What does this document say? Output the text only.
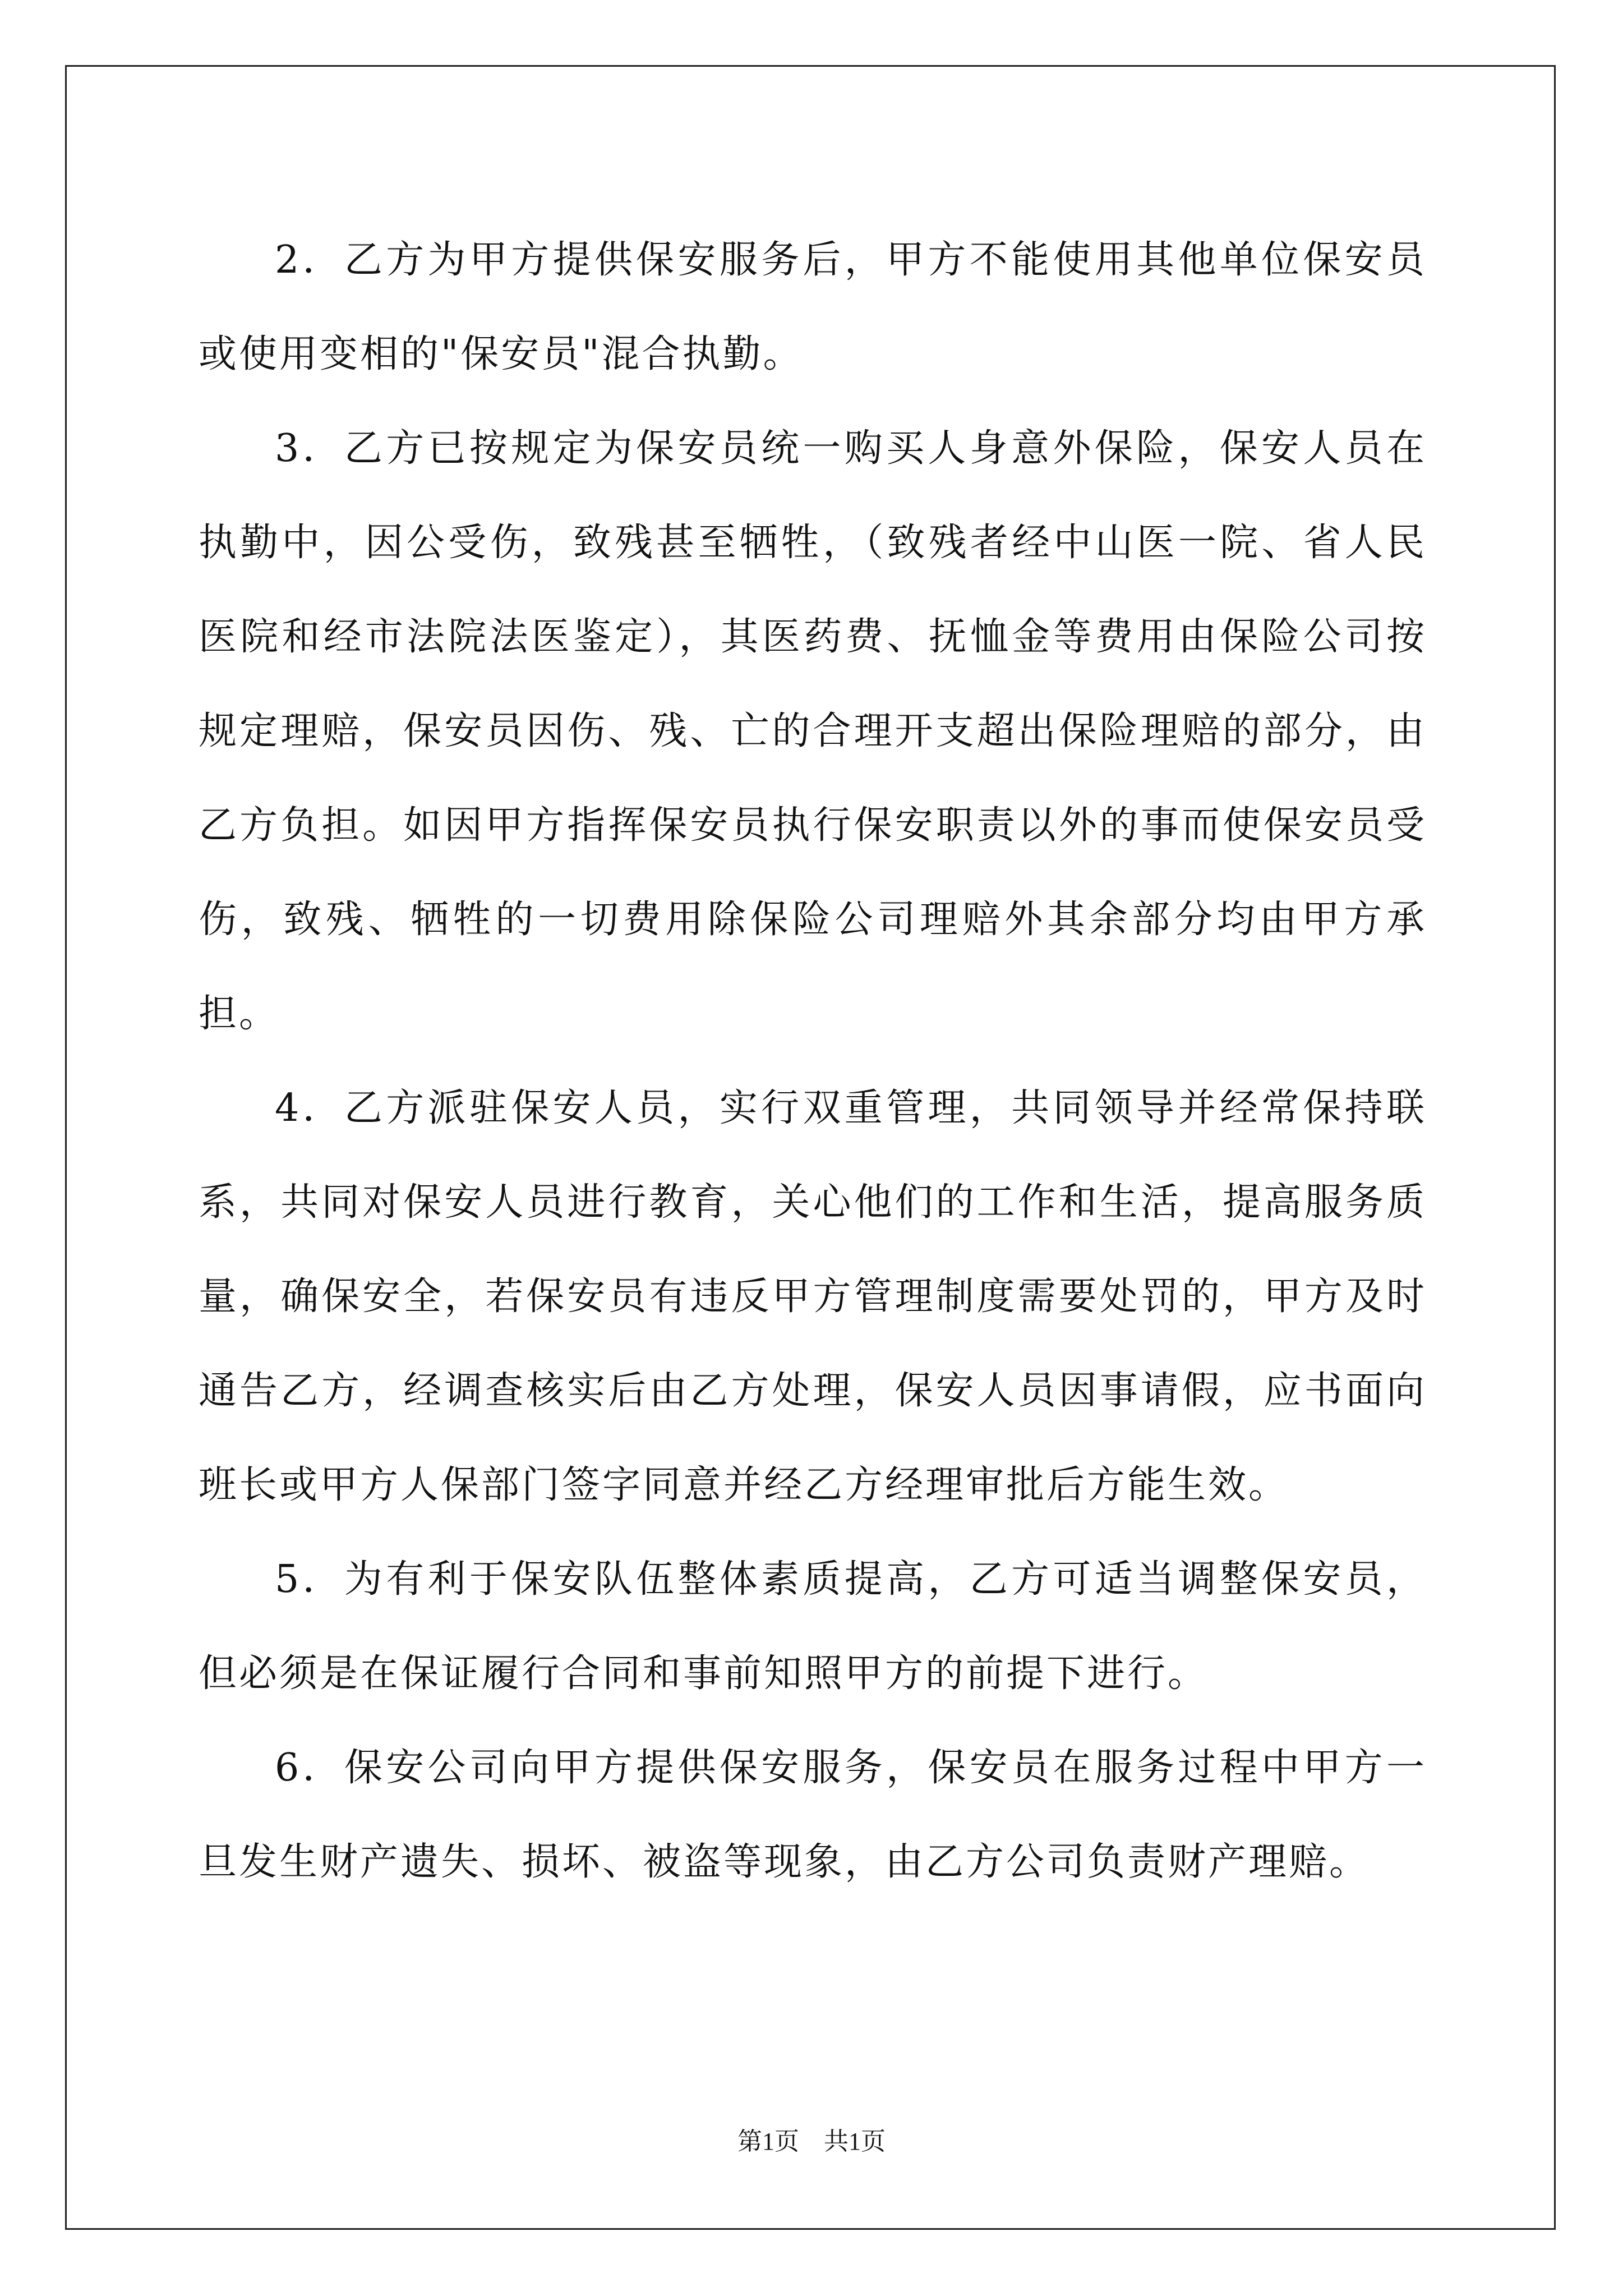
2．乙方为甲方提供保安服务后，甲方不能使用其他单位保安员或使用变相的"保安员"混合执勤。

3．乙方已按规定为保安员统一购买人身意外保险，保安人员在执勤中，因公受伤，致残甚至牺牲，（致残者经中山医一院、省人民医院和经市法院法医鉴定），其医药费、抚恤金等费用由保险公司按规定理赔，保安员因伤、残、亡的合理开支超出保险理赔的部分，由乙方负担。如因甲方指挥保安员执行保安职责以外的事而使保安员受伤，致残、牺牲的一切费用除保险公司理赔外其余部分均由甲方承担。

4．乙方派驻保安人员，实行双重管理，共同领导并经常保持联系，共同对保安人员进行教育，关心他们的工作和生活，提高服务质量，确保安全，若保安员有违反甲方管理制度需要处罚的，甲方及时通告乙方，经调查核实后由乙方处理，保安人员因事请假，应书面向班长或甲方人保部门签字同意并经乙方经理审批后方能生效。

5．为有利于保安队伍整体素质提高，乙方可适当调整保安员，但必须是在保证履行合同和事前知照甲方的前提下进行。

6．保安公司向甲方提供保安服务，保安员在服务过程中甲方一旦发生财产遗失、损坏、被盗等现象，由乙方公司负责财产理赔。

第1页　共1页
